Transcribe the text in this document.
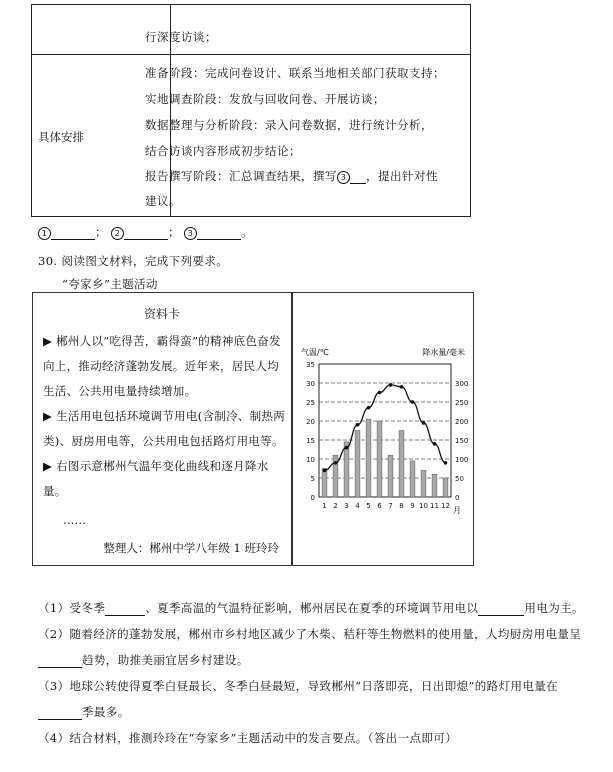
行深度访谈；
具体安排
准备阶段：完成问卷设计、联系当地相关部门获取支持；
实地调查阶段：发放与回收问卷、开展访谈；
数据整理与分析阶段：录入问卷数据，进行统计分析，
结合访谈内容形成初步结论；
报告撰写阶段：汇总调查结果，撰写 3 ，提出针对性
建议。
1	； 2	； 3	。
30. 阅读图文材料，完成下列要求。
“夸家乡”主题活动
资料卡
▶ 郴州人以“吃得苦，霸得蛮”的精神底色奋发向上，推动经济蓬勃发展。近年来，居民人均生活、公共用电量持续增加。
▶ 生活用电包括环境调节用电(含制冷、制热两类)、厨房用电等，公共用电包括路灯用电等。
▶ 右图示意郴州气温年变化曲线和逐月降水量。
……
整理人：郴州中学八年级 1 班玲玲
气温/℃	降水量/毫米
月
0
5
10
15
20
25
30
35
0
50
100
150
200
250
300
1 2 3 4 5 6 7 8 9 10 11 12
（1）受冬季	、夏季高温的气温特征影响，郴州居民在夏季的环境调节用电以	用电为主。
（2）随着经济的蓬勃发展，郴州市乡村地区减少了木柴、秸秆等生物燃料的使用量，人均厨房用电量呈
趋势，助推美丽宜居乡村建设。
（3）地球公转使得夏季白昼最长、冬季白昼最短，导致郴州“日落即亮，日出即熄”的路灯用电量在
季最多。
（4）结合材料，推测玲玲在“夸家乡”主题活动中的发言要点。（答出一点即可）
